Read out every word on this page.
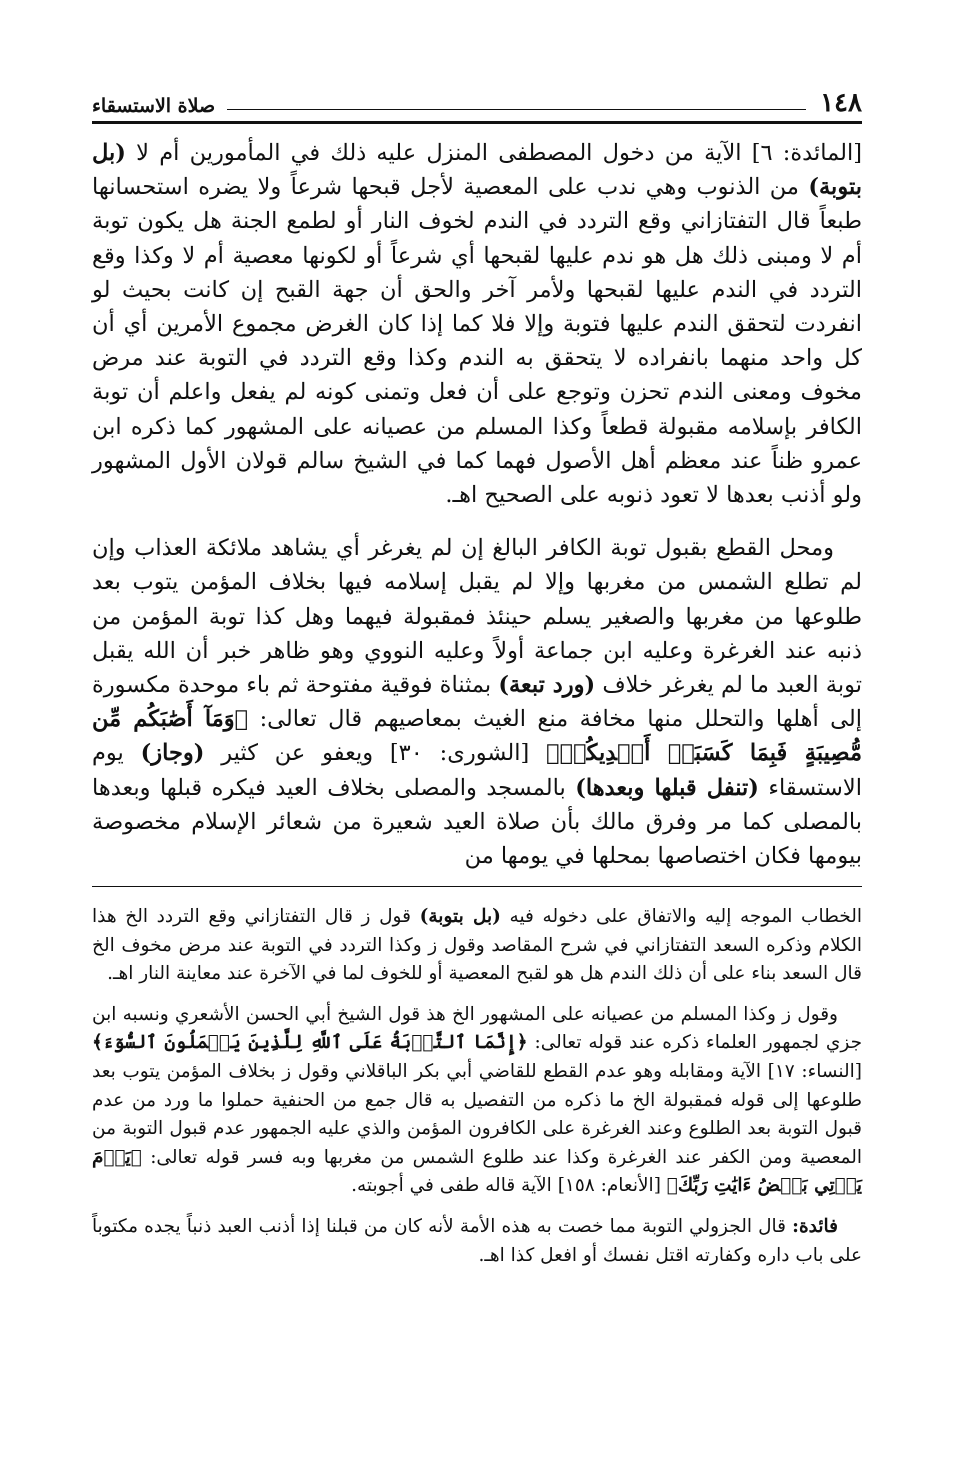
١٤٨
صلاة الاستسقاء

[المائدة: ٦] الآية من دخول المصطفى المنزل عليه ذلك في المأمورين أم لا (بل بتوبة) من الذنوب وهي ندب على المعصية لأجل قبحها شرعاً ولا يضره استحسانها طبعاً قال التفتازاني وقع التردد في الندم لخوف النار أو لطمع الجنة هل يكون توبة أم لا ومبنى ذلك هل هو ندم عليها لقبحها أي شرعاً أو لكونها معصية أم لا وكذا وقع التردد في الندم عليها لقبحها ولأمر آخر والحق أن جهة القبح إن كانت بحيث لو انفردت لتحقق الندم عليها فتوبة وإلا فلا كما إذا كان الغرض مجموع الأمرين أي أن كل واحد منهما بانفراده لا يتحقق به الندم وكذا وقع التردد في التوبة عند مرض مخوف ومعنى الندم تحزن وتوجع على أن فعل وتمنى كونه لم يفعل واعلم أن توبة الكافر بإسلامه مقبولة قطعاً وكذا المسلم من عصيانه على المشهور كما ذكره ابن عمرو ظناً عند معظم أهل الأصول فهما كما في الشيخ سالم قولان الأول المشهور ولو أذنب بعدها لا تعود ذنوبه على الصحيح اهـ.

ومحل القطع بقبول توبة الكافر البالغ إن لم يغرغر أي يشاهد ملائكة العذاب وإن لم تطلع الشمس من مغربها وإلا لم يقبل إسلامه فيها بخلاف المؤمن يتوب بعد طلوعها من مغربها والصغير يسلم حينئذ فمقبولة فيهما وهل كذا توبة المؤمن من ذنبه عند الغرغرة وعليه ابن جماعة أولاً وعليه النووي وهو ظاهر خبر أن الله يقبل توبة العبد ما لم يغرغر خلاف (ورد تبعة) بمثناة فوقية مفتوحة ثم باء موحدة مكسورة إلى أهلها والتحلل منها مخافة منع الغيث بمعاصيهم قال تعالى: ﴿وَمَآ أَصَٰبَكُم مِّن مُّصِيبَةٍ فَبِمَا كَسَبَتۡ أَيۡدِيكُمۡ﴾ [الشورى: ٣٠] ويعفو عن كثير (وجاز) يوم الاستسقاء (تنفل قبلها وبعدها) بالمسجد والمصلى بخلاف العيد فيكره قبلها وبعدها بالمصلى كما مر وفرق مالك بأن صلاة العيد شعيرة من شعائر الإسلام مخصوصة بيومها فكان اختصاصها بمحلها في يومها من

الخطاب الموجه إليه والاتفاق على دخوله فيه (بل بتوبة) قول ز قال التفتازاني وقع التردد الخ هذا الكلام وذكره السعد التفتازاني في شرح المقاصد وقول ز وكذا التردد في التوبة عند مرض مخوف الخ قال السعد بناء على أن ذلك الندم هل هو لقبح المعصية أو للخوف لما في الآخرة عند معاينة النار اهـ.

وقول ز وكذا المسلم من عصيانه على المشهور الخ هذ قول الشيخ أبي الحسن الأشعري ونسبه ابن جزي لجمهور العلماء ذكره عند قوله تعالى: ﴿إِنَّمَا ٱلتَّوۡبَةُ عَلَى ٱللَّهِ لِلَّذِينَ يَعۡمَلُونَ ٱلسُّوٓءَ﴾ [النساء: ١٧] الآية ومقابله وهو عدم القطع للقاضي أبي بكر الباقلاني وقول ز بخلاف المؤمن يتوب بعد طلوعها إلى قوله فمقبولة الخ ما ذكره من التفصيل به قال جمع من الحنفية حملوا ما ورد من عدم قبول التوبة بعد الطلوع وعند الغرغرة على الكافرون المؤمن والذي عليه الجمهور عدم قبول التوبة من المعصية ومن الكفر عند الغرغرة وكذا عند طلوع الشمس من مغربها وبه فسر قوله تعالى: ﴿يَوۡمَ يَأۡتِي بَعۡضُ ءَايَٰتِ رَبِّكَ﴾ [الأنعام: ١٥٨] الآية قاله طفى في أجوبته.

فائدة: قال الجزولي التوبة مما خصت به هذه الأمة لأنه كان من قبلنا إذا أذنب العبد ذنباً يجده مكتوباً على باب داره وكفارته اقتل نفسك أو افعل كذا اهـ.
